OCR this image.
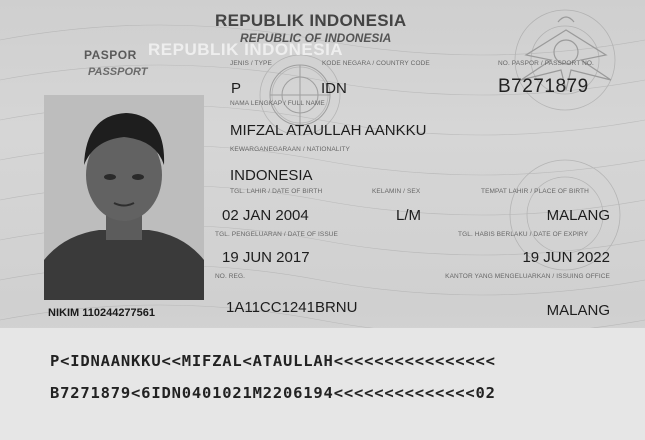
REPUBLIK INDONESIA
REPUBLIC OF INDONESIA
REPUBLIK INDONESIA
PASPOR
PASSPORT
JENIS / TYPE	KODE NEGARA / COUNTRY CODE	NO. PASPOR / PASSPORT NO.
P	IDN	B7271879
NAMA LENGKAP / FULL NAME
MIFZAL ATAULLAH AANKKU
KEWARGANEGARAAN / NATIONALITY
INDONESIA
TGL. LAHIR / DATE OF BIRTH	KELAMIN / SEX	TEMPAT LAHIR / PLACE OF BIRTH
02 JAN 2004	L/M	MALANG
TGL. PENGELUARAN / DATE OF ISSUE	TGL. HABIS BERLAKU / DATE OF EXPIRY
19 JUN 2017	19 JUN 2022
NO. REG.	KANTOR YANG MENGELUARKAN / ISSUING OFFICE
1A11CC1241BRNU	MALANG
NIKIM 110244277561
P<IDNAANKKU<<MIFZAL<ATAULLAH<<<<<<<<<<<<<<<<
B7271879<6IDN0401021M2206194<<<<<<<<<<<<<<02
